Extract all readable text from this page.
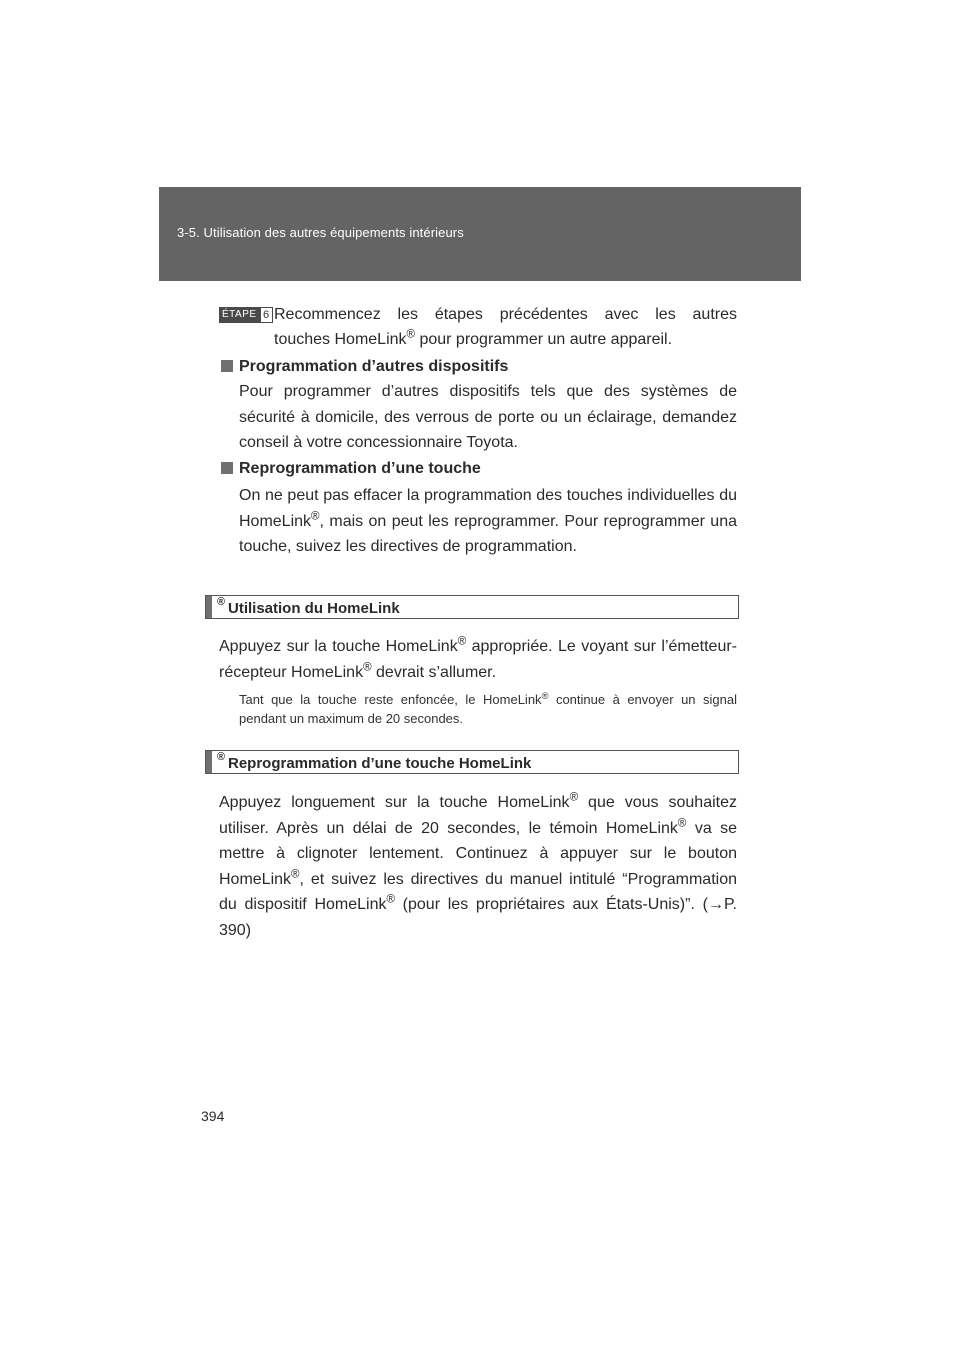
3-5. Utilisation des autres équipements intérieurs
ÉTAPE 6 Recommencez les étapes précédentes avec les autres

touches HomeLink® pour programmer un autre appareil.

Programmation d’autres dispositifs

Pour programmer d’autres dispositifs tels que des systèmes de sécurité à domicile, des verrous de porte ou un éclairage, demandez conseil à votre concessionnaire Toyota.

Reprogrammation d’une touche

On ne peut pas effacer la programmation des touches individuelles du HomeLink®, mais on peut les reprogrammer. Pour reprogrammer una touche, suivez les directives de programmation.

Utilisation du HomeLink
®

Appuyez sur la touche HomeLink® appropriée. Le voyant sur l’émetteur-récepteur HomeLink® devrait s’allumer.

Tant que la touche reste enfoncée, le HomeLink® continue à envoyer un signal pendant un maximum de 20 secondes.

Reprogrammation d’une touche HomeLink
®

Appuyez longuement sur la touche HomeLink® que vous souhaitez utiliser. Après un délai de 20 secondes, le témoin HomeLink® va se mettre à clignoter lentement. Continuez à appuyer sur le bouton HomeLink®, et suivez les directives du manuel intitulé “Programmation du dispositif HomeLink® (pour les propriétaires aux États-Unis)”. (→P. 390)

394
